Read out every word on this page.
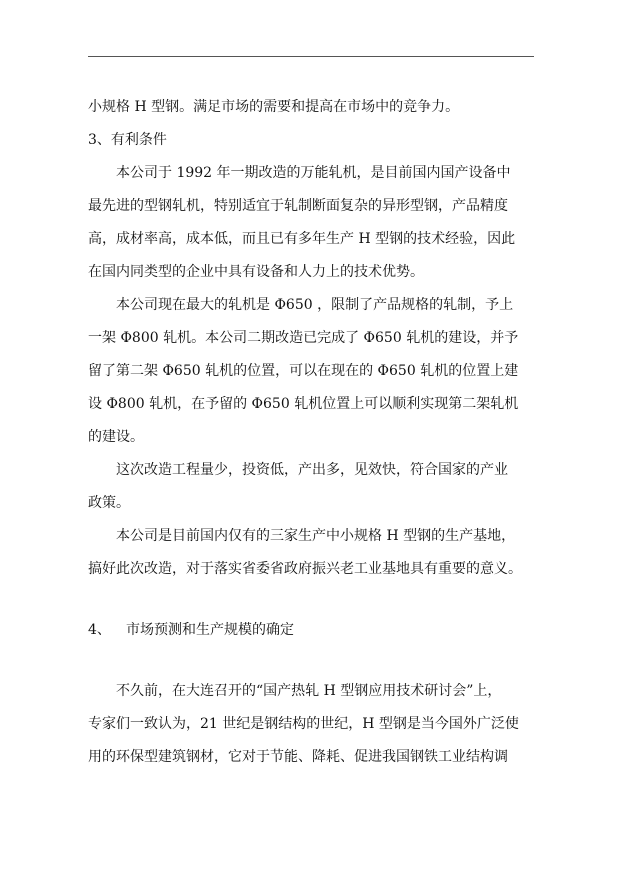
小规格 H 型钢。满足市场的需要和提高在市场中的竞争力。

3、有利条件

本公司于 1992 年一期改造的万能轧机，是目前国内国产设备中

最先进的型钢轧机，特别适宜于轧制断面复杂的异形型钢，产品精度

高，成材率高，成本低，而且已有多年生产 H 型钢的技术经验，因此

在国内同类型的企业中具有设备和人力上的技术优势。

本公司现在最大的轧机是 Φ650 ，限制了产品规格的轧制，予上

一架 Φ800 轧机。本公司二期改造已完成了 Φ650 轧机的建设，并予

留了第二架 Φ650 轧机的位置，可以在现在的 Φ650 轧机的位置上建

设 Φ800 轧机，在予留的 Φ650 轧机位置上可以顺利实现第二架轧机

的建设。

这次改造工程量少，投资低，产出多，见效快，符合国家的产业

政策。

本公司是目前国内仅有的三家生产中小规格 H 型钢的生产基地，

搞好此次改造，对于落实省委省政府振兴老工业基地具有重要的意义。

4、 市场预测和生产规模的确定

不久前，在大连召开的“国产热轧 H 型钢应用技术研讨会”上，

专家们一致认为，21 世纪是钢结构的世纪，H 型钢是当今国外广泛使

用的环保型建筑钢材，它对于节能、降耗、促进我国钢铁工业结构调
